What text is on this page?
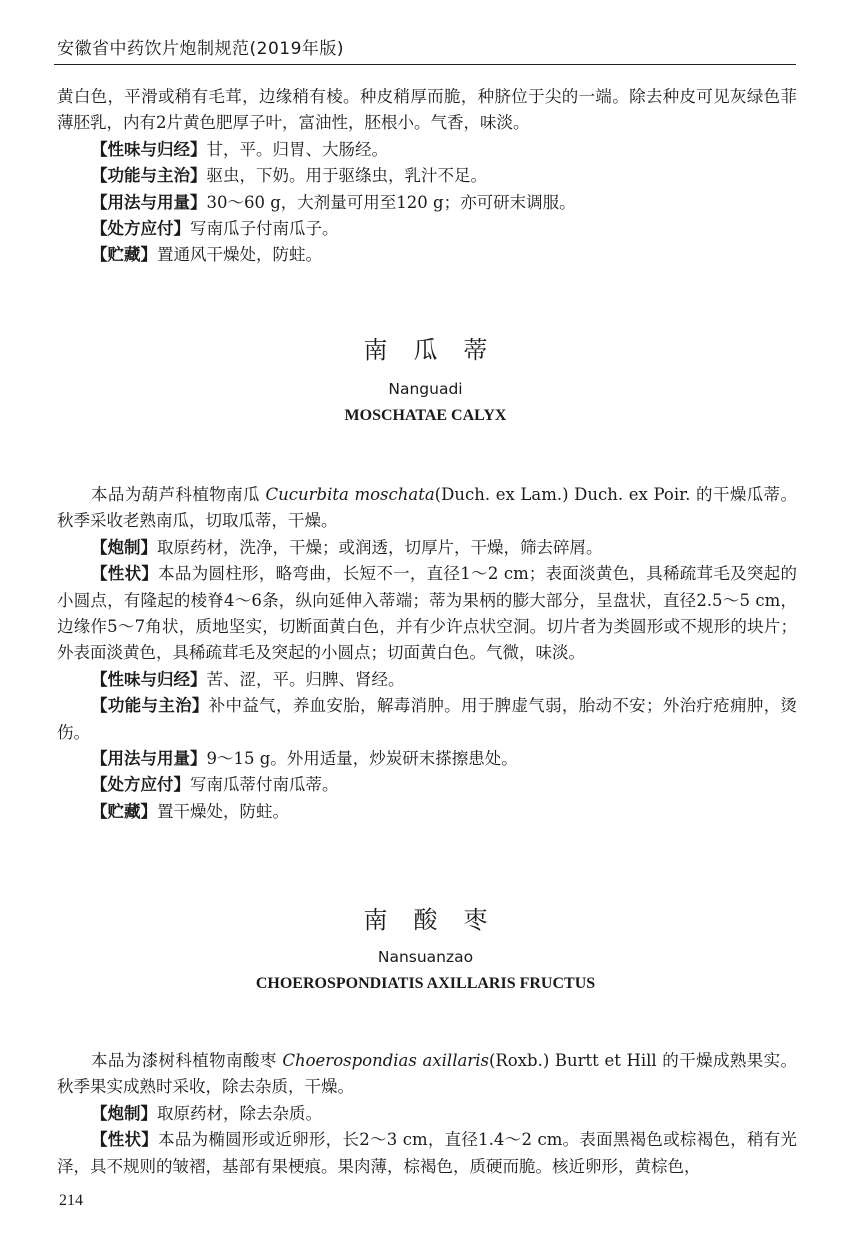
安徽省中药饮片炮制规范(2019年版)

黄白色，平滑或稍有毛茸，边缘稍有棱。种皮稍厚而脆，种脐位于尖的一端。除去种皮可见灰绿色菲薄胚乳，内有2片黄色肥厚子叶，富油性，胚根小。气香，味淡。

【性味与归经】甘，平。归胃、大肠经。

【功能与主治】驱虫，下奶。用于驱绦虫，乳汁不足。

【用法与用量】30～60 g，大剂量可用至120 g；亦可研末调服。

【处方应付】写南瓜子付南瓜子。

【贮藏】置通风干燥处，防蛀。

南瓜蒂
Nanguadi
MOSCHATAE CALYX

本品为葫芦科植物南瓜 Cucurbita moschata(Duch. ex Lam.) Duch. ex Poir. 的干燥瓜蒂。秋季采收老熟南瓜，切取瓜蒂，干燥。

【炮制】取原药材，洗净，干燥；或润透，切厚片，干燥，筛去碎屑。

【性状】本品为圆柱形，略弯曲，长短不一，直径1～2 cm；表面淡黄色，具稀疏茸毛及突起的小圆点，有隆起的棱脊4～6条，纵向延伸入蒂端；蒂为果柄的膨大部分，呈盘状，直径2.5～5 cm，边缘作5～7角状，质地坚实，切断面黄白色，并有少许点状空洞。切片者为类圆形或不规形的块片；外表面淡黄色，具稀疏茸毛及突起的小圆点；切面黄白色。气微，味淡。

【性味与归经】苦、涩，平。归脾、肾经。

【功能与主治】补中益气，养血安胎，解毒消肿。用于脾虚气弱，胎动不安；外治疔疮痈肿，烫伤。

【用法与用量】9～15 g。外用适量，炒炭研末搽擦患处。

【处方应付】写南瓜蒂付南瓜蒂。

【贮藏】置干燥处，防蛀。

南酸枣
Nansuanzao
CHOEROSPONDIATIS AXILLARIS FRUCTUS

本品为漆树科植物南酸枣 Choerospondias axillaris(Roxb.) Burtt et Hill 的干燥成熟果实。秋季果实成熟时采收，除去杂质，干燥。

【炮制】取原药材，除去杂质。

【性状】本品为椭圆形或近卵形，长2～3 cm，直径1.4～2 cm。表面黑褐色或棕褐色，稍有光泽，具不规则的皱褶，基部有果梗痕。果肉薄，棕褐色，质硬而脆。核近卵形，黄棕色，

214
